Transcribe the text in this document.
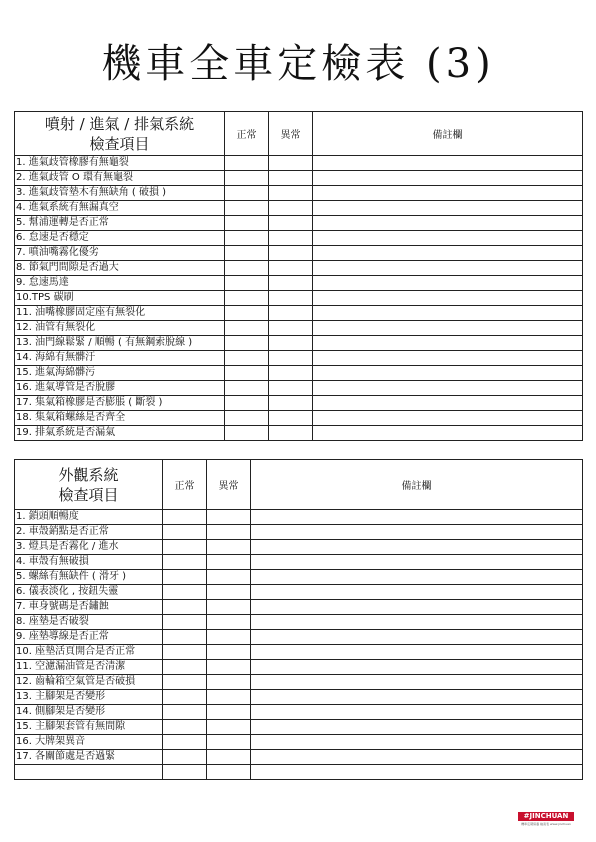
機車全車定檢表 (3)
噴射 / 進氣 / 排氣系統
檢查項目	正常	異常	備註欄
1. 進氣歧管橡膠有無龜裂			
2. 進氣歧管 O 環有無龜裂			
3. 進氣歧管墊木有無缺角 ( 破損 )			
4. 進氣系統有無漏真空			
5. 幫浦運轉是否正常			
6. 怠速是否穩定			
7. 噴油嘴霧化優劣			
8. 節氣門間隙是否過大			
9. 怠速馬達			
10.TPS 碳刷			
11. 油嘴橡膠固定座有無裂化			
12. 油管有無裂化			
13. 油門線鬆緊 / 順暢 ( 有無鋼索脫線 )			
14. 海綿有無髒汙			
15. 進氣海綿髒污			
16. 進氣導管是否脫膠			
17. 集氣箱橡膠是否膨脹 ( 斷裂 )			
18. 集氣箱螺絲是否齊全			
19. 排氣系統是否漏氣			
外觀系統
檢查項目	正常	異常	備註欄
1. 鎖頭順暢度			
2. 車殼銷點是否正常			
3. 燈具是否霧化 / 進水			
4. 車殼有無破損			
5. 螺絲有無缺件 ( 滑牙 )			
6. 儀表淡化 , 按鈕失靈			
7. 車身號碼是否鏽蝕			
8. 座墊是否破裂			
9. 座墊導線是否正常			
10. 座墊活頁開合是否正常			
11. 空濾漏油管是否清潔			
12. 齒輪箱空氣管是否破損			
13. 主腳架是否變形			
14. 側腳架是否變形			
15. 主腳架套管有無間隙			
16. 大牌架異音			
17. 各關節處是否過緊			

#JINCHUAN
機車定期保養 檢查表 www.jinchuan
